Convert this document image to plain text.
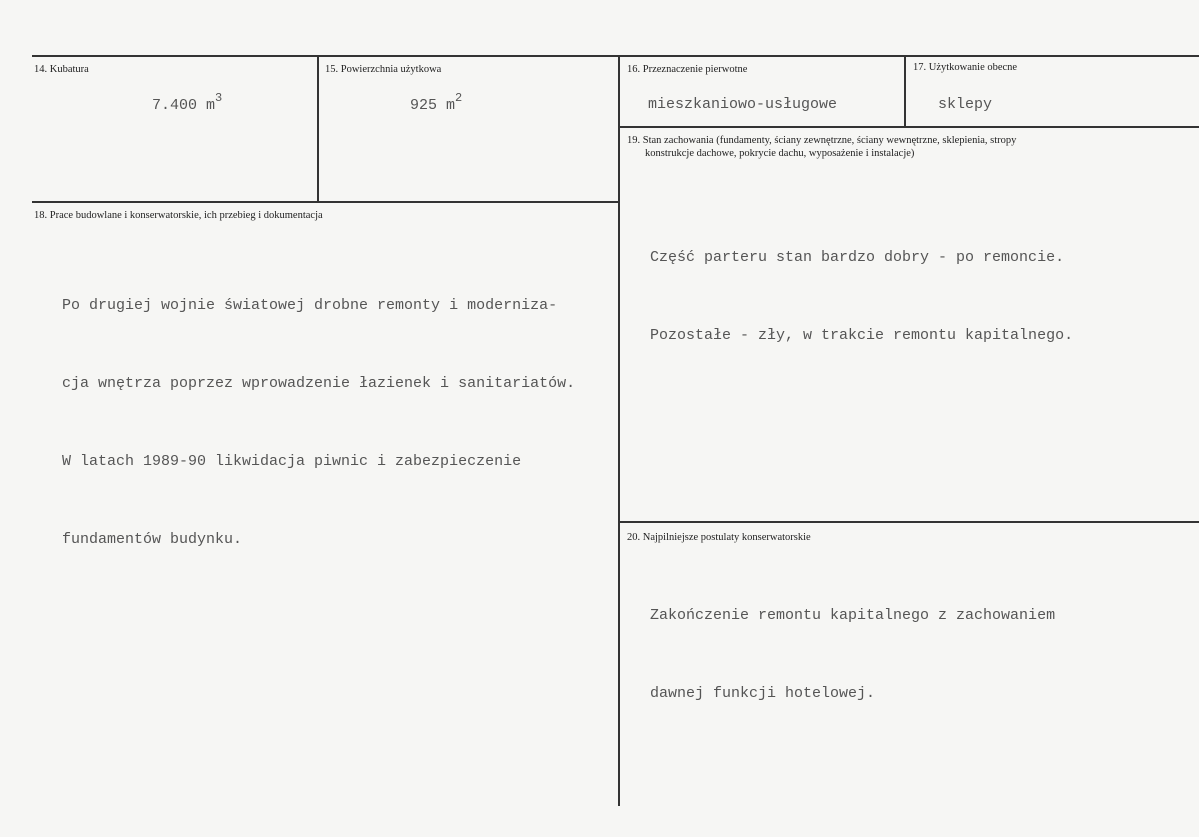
14. Kubatura
7.400 $m^3$
15. Powierzchnia użytkowa
925 $m^2$
16. Przeznaczenie pierwotne
mieszkaniowo-usługowe
17. Użytkowanie obecne
sklepy
18. Prace budowlane i konserwatorskie, ich przebieg i dokumentacja

Po drugiej wojnie światowej drobne remonty i moderniza-

cja wnętrza poprzez wprowadzenie łazienek i sanitariatów.

W latach 1989-90 likwidacja piwnic i zabezpieczenie

fundamentów budynku.

19. Stan zachowania (fundamenty, ściany zewnętrzne, ściany wewnętrzne, sklepienia, stropy
konstrukcje dachowe, pokrycie dachu, wyposażenie i instalacje)

Część parteru stan bardzo dobry - po remoncie.

Pozostałe - zły, w trakcie remontu kapitalnego.

20. Najpilniejsze postulaty konserwatorskie

Zakończenie remontu kapitalnego z zachowaniem

dawnej funkcji hotelowej.
